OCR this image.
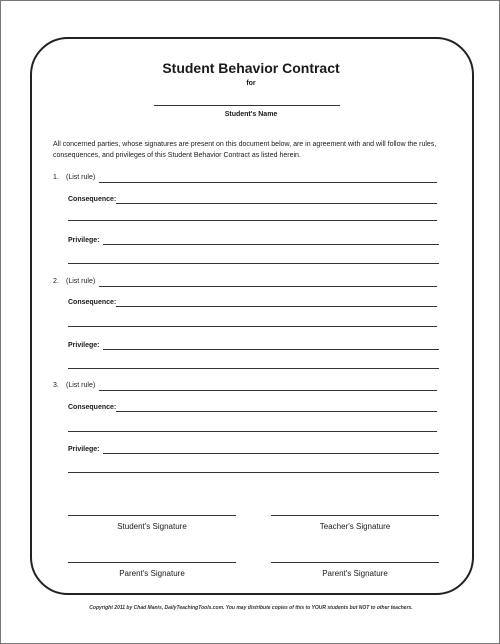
Student Behavior Contract
for
Student's Name
All concerned parties, whose signatures are present on this document below, are in agreement with and will follow the rules, consequences, and privileges of this Student Behavior Contract as listed herein.
1. (List rule)
Consequence:
Privilege:
2. (List rule)
Consequence:
Privilege:
3. (List rule)
Consequence:
Privilege:
Student's Signature	Teacher's Signature
Parent's Signature	Parent's Signature
Copyright 2011 by Chad Manis, DailyTeachingTools.com. You may distribute copies of this to YOUR students but NOT to other teachers.
